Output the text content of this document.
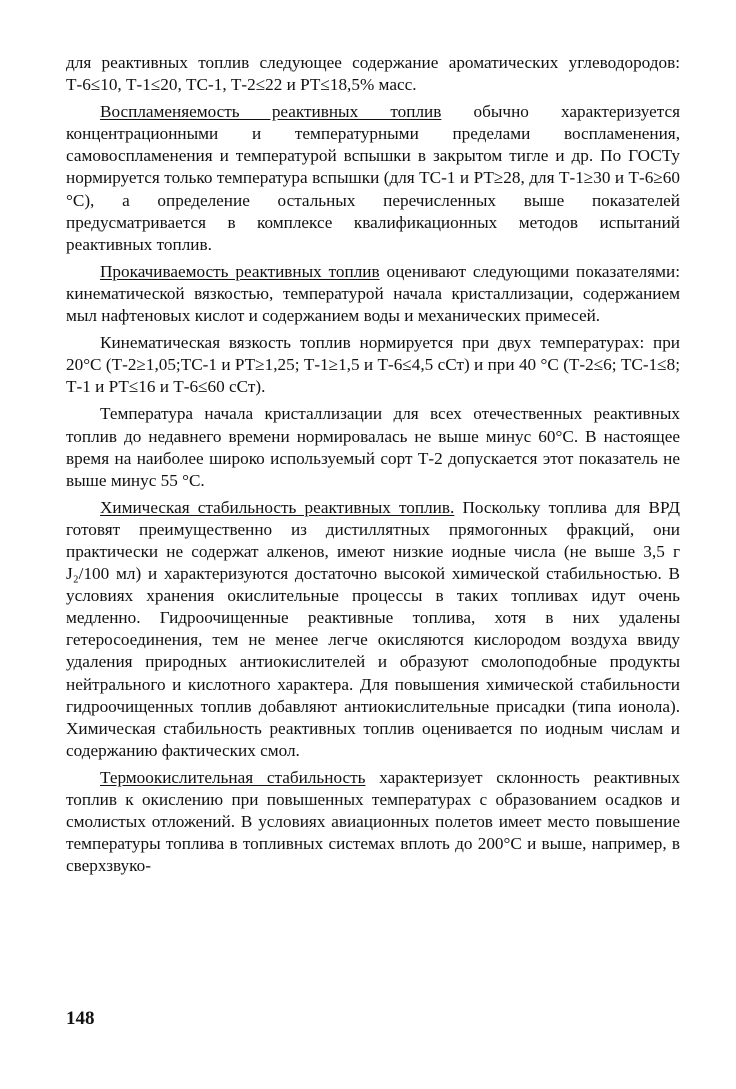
для реактивных топлив следующее содержание ароматических углеводородов: Т-6≤10, Т-1≤20, ТС-1, Т-2≤22 и РТ≤18,5% масс.

Воспламеняемость реактивных топлив обычно характеризуется концентрационными и температурными пределами воспламенения, самовоспламенения и температурой вспышки в закрытом тигле и др. По ГОСТу нормируется только температура вспышки (для ТС-1 и РТ≥28, для Т-1≥30 и Т-6≥60 °С), а определение остальных перечисленных выше показателей предусматривается в комплексе квалификационных методов испытаний реактивных топлив.

Прокачиваемость реактивных топлив оценивают следующими показателями: кинематической вязкостью, температурой начала кристаллизации, содержанием мыл нафтеновых кислот и содержанием воды и механических примесей.

Кинематическая вязкость топлив нормируется при двух температурах: при 20°С (Т-2≥1,05;ТС-1 и РТ≥1,25; Т-1≥1,5 и Т-6≤4,5 сСт) и при 40 °С (Т-2≤6; ТС-1≤8; Т-1 и РТ≤16 и Т-6≤60 сСт).

Температура начала кристаллизации для всех отечественных реактивных топлив до недавнего времени нормировалась не выше минус 60°С. В настоящее время на наиболее широко используемый сорт Т-2 допускается этот показатель не выше минус 55 °С.

Химическая стабильность реактивных топлив. Поскольку топлива для ВРД готовят преимущественно из дистиллятных прямогонных фракций, они практически не содержат алкенов, имеют низкие иодные числа (не выше 3,5 г J₂/100 мл) и характеризуются достаточно высокой химической стабильностью. В условиях хранения окислительные процессы в таких топливах идут очень медленно. Гидроочищенные реактивные топлива, хотя в них удалены гетеросоединения, тем не менее легче окисляются кислородом воздуха ввиду удаления природных антиокислителей и образуют смолоподобные продукты нейтрального и кислотного характера. Для повышения химической стабильности гидроочищенных топлив добавляют антиокислительные присадки (типа ионола). Химическая стабильность реактивных топлив оценивается по иодным числам и содержанию фактических смол.

Термоокислительная стабильность характеризует склонность реактивных топлив к окислению при повышенных температурах с образованием осадков и смолистых отложений. В условиях авиационных полетов имеет место повышение температуры топлива в топливных системах вплоть до 200°С и выше, например, в сверхзвуко-

148
